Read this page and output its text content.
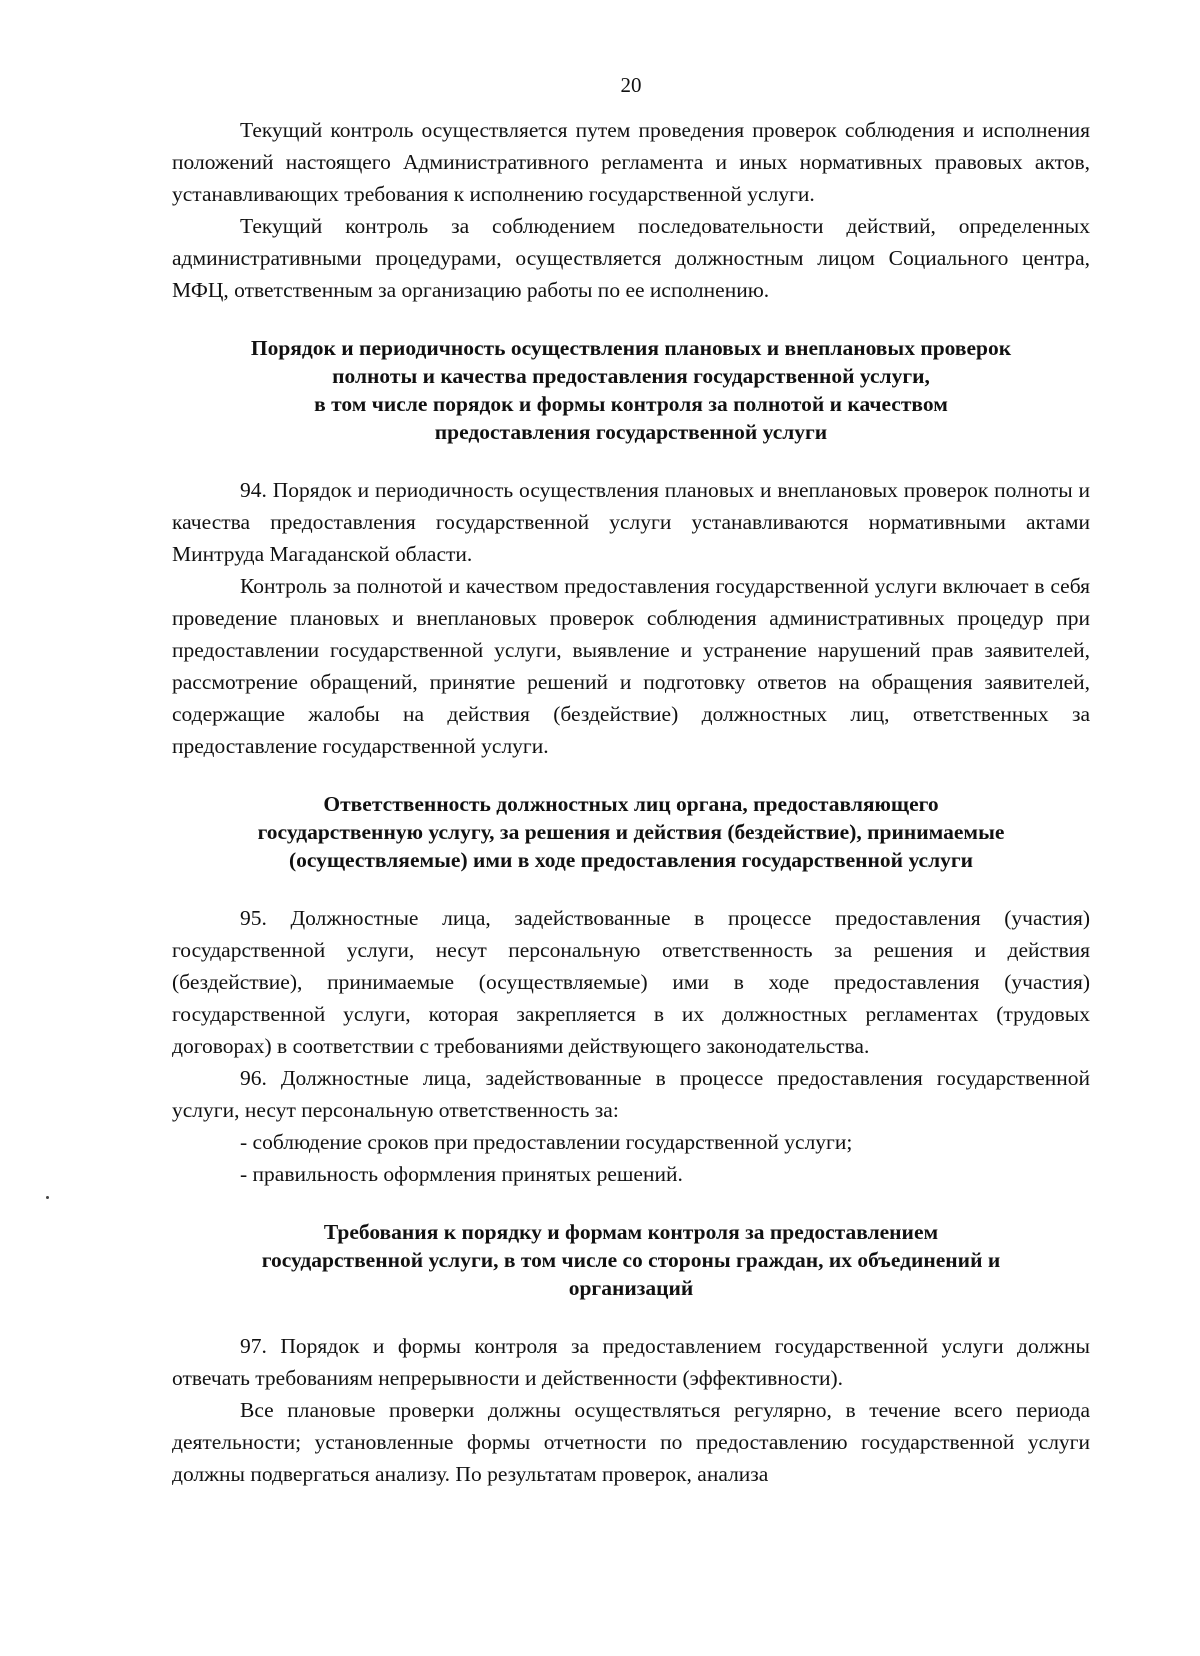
20

Текущий контроль осуществляется путем проведения проверок соблюдения и исполнения положений настоящего Административного регламента и иных нормативных правовых актов, устанавливающих требования к исполнению государственной услуги.

Текущий контроль за соблюдением последовательности действий, определенных административными процедурами, осуществляется должностным лицом Социального центра, МФЦ, ответственным за организацию работы по ее исполнению.

Порядок и периодичность осуществления плановых и внеплановых проверок
полноты и качества предоставления государственной услуги,
в том числе порядок и формы контроля за полнотой и качеством
предоставления государственной услуги

94. Порядок и периодичность осуществления плановых и внеплановых проверок полноты и качества предоставления государственной услуги устанавливаются нормативными актами Минтруда Магаданской области.

Контроль за полнотой и качеством предоставления государственной услуги включает в себя проведение плановых и внеплановых проверок соблюдения административных процедур при предоставлении государственной услуги, выявление и устранение нарушений прав заявителей, рассмотрение обращений, принятие решений и подготовку ответов на обращения заявителей, содержащие жалобы на действия (бездействие) должностных лиц, ответственных за предоставление государственной услуги.

Ответственность должностных лиц органа, предоставляющего
государственную услугу, за решения и действия (бездействие), принимаемые
(осуществляемые) ими в ходе предоставления государственной услуги

95. Должностные лица, задействованные в процессе предоставления (участия) государственной услуги, несут персональную ответственность за решения и действия (бездействие), принимаемые (осуществляемые) ими в ходе предоставления (участия) государственной услуги, которая закрепляется в их должностных регламентах (трудовых договорах) в соответствии с требованиями действующего законодательства.

96. Должностные лица, задействованные в процессе предоставления государственной услуги, несут персональную ответственность за:

- соблюдение сроков при предоставлении государственной услуги;

- правильность оформления принятых решений.

Требования к порядку и формам контроля за предоставлением
государственной услуги, в том числе со стороны граждан, их объединений и
организаций

97. Порядок и формы контроля за предоставлением государственной услуги должны отвечать требованиям непрерывности и действенности (эффективности).

Все плановые проверки должны осуществляться регулярно, в течение всего периода деятельности; установленные формы отчетности по предоставлению государственной услуги должны подвергаться анализу. По результатам проверок, анализа
